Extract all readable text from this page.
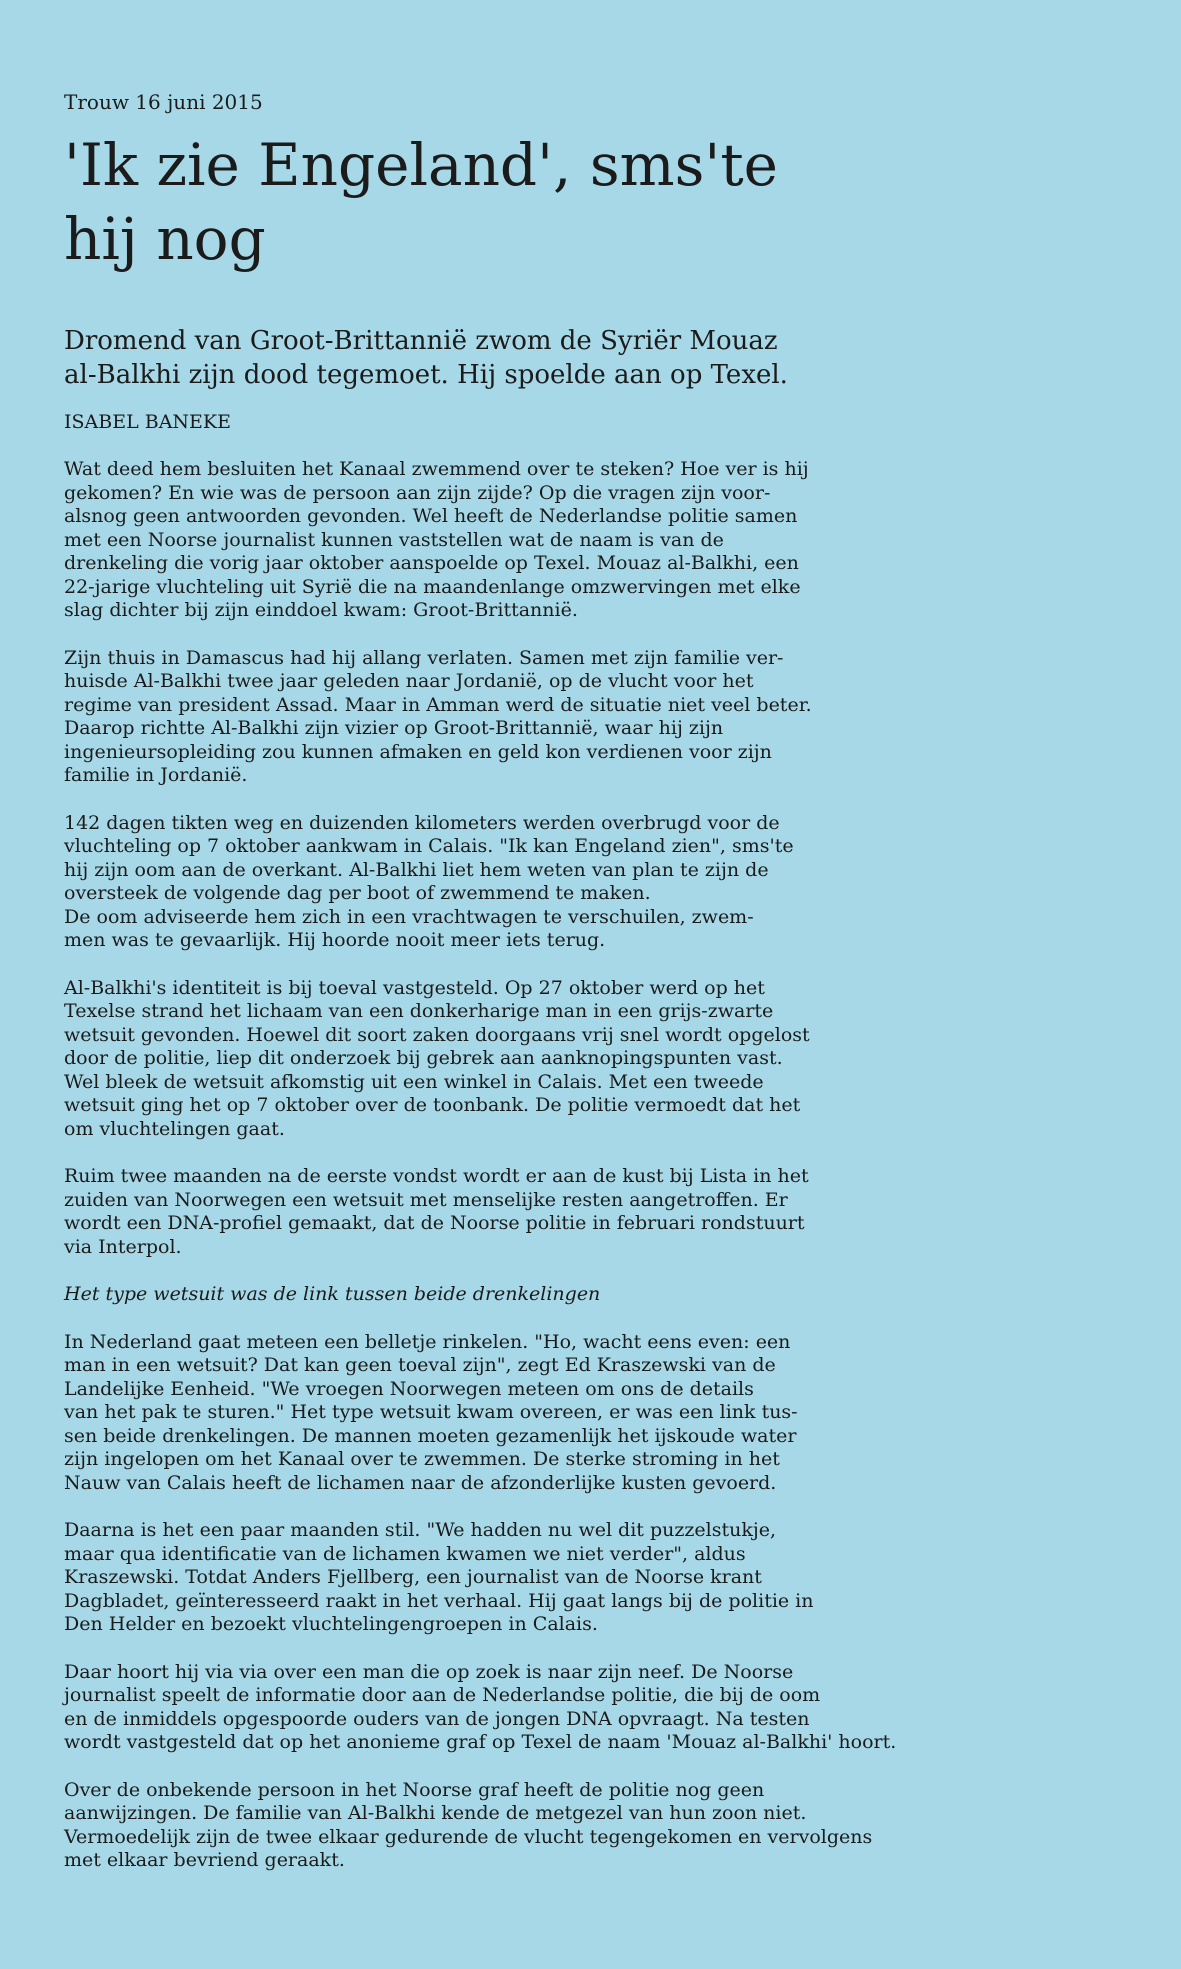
Trouw 16 juni 2015
'Ik zie Engeland', sms'te
hij nog
Dromend van Groot-Brittannië zwom de Syriër Mouaz
al-Balkhi zijn dood tegemoet. Hij spoelde aan op Texel.
ISABEL BANEKE
Wat deed hem besluiten het Kanaal zwemmend over te steken? Hoe ver is hij
gekomen? En wie was de persoon aan zijn zijde? Op die vragen zijn voor-
alsnog geen antwoorden gevonden. Wel heeft de Nederlandse politie samen
met een Noorse journalist kunnen vaststellen wat de naam is van de
drenkeling die vorig jaar oktober aanspoelde op Texel. Mouaz al-Balkhi, een
22-jarige vluchteling uit Syrië die na maandenlange omzwervingen met elke
slag dichter bij zijn einddoel kwam: Groot-Brittannië.
Zijn thuis in Damascus had hij allang verlaten. Samen met zijn familie ver-
huisde Al-Balkhi twee jaar geleden naar Jordanië, op de vlucht voor het
regime van president Assad. Maar in Amman werd de situatie niet veel beter.
Daarop richtte Al-Balkhi zijn vizier op Groot-Brittannië, waar hij zijn
ingenieursopleiding zou kunnen afmaken en geld kon verdienen voor zijn
familie in Jordanië.
142 dagen tikten weg en duizenden kilometers werden overbrugd voor de
vluchteling op 7 oktober aankwam in Calais. "Ik kan Engeland zien", sms'te
hij zijn oom aan de overkant. Al-Balkhi liet hem weten van plan te zijn de
oversteek de volgende dag per boot of zwemmend te maken.
De oom adviseerde hem zich in een vrachtwagen te verschuilen, zwem-
men was te gevaarlijk. Hij hoorde nooit meer iets terug.
Al-Balkhi's identiteit is bij toeval vastgesteld. Op 27 oktober werd op het
Texelse strand het lichaam van een donkerharige man in een grijs-zwarte
wetsuit gevonden. Hoewel dit soort zaken doorgaans vrij snel wordt opgelost
door de politie, liep dit onderzoek bij gebrek aan aanknopingspunten vast.
Wel bleek de wetsuit afkomstig uit een winkel in Calais. Met een tweede
wetsuit ging het op 7 oktober over de toonbank. De politie vermoedt dat het
om vluchtelingen gaat.
Ruim twee maanden na de eerste vondst wordt er aan de kust bij Lista in het
zuiden van Noorwegen een wetsuit met menselijke resten aangetroffen. Er
wordt een DNA-profiel gemaakt, dat de Noorse politie in februari rondstuurt
via Interpol.
Het type wetsuit was de link tussen beide drenkelingen
In Nederland gaat meteen een belletje rinkelen. "Ho, wacht eens even: een
man in een wetsuit? Dat kan geen toeval zijn", zegt Ed Kraszewski van de
Landelijke Eenheid. "We vroegen Noorwegen meteen om ons de details
van het pak te sturen." Het type wetsuit kwam overeen, er was een link tus-
sen beide drenkelingen. De mannen moeten gezamenlijk het ijskoude water
zijn ingelopen om het Kanaal over te zwemmen. De sterke stroming in het
Nauw van Calais heeft de lichamen naar de afzonderlijke kusten gevoerd.
Daarna is het een paar maanden stil. "We hadden nu wel dit puzzelstukje,
maar qua identificatie van de lichamen kwamen we niet verder", aldus
Kraszewski. Totdat Anders Fjellberg, een journalist van de Noorse krant
Dagbladet, geïnteresseerd raakt in het verhaal. Hij gaat langs bij de politie in
Den Helder en bezoekt vluchtelingengroepen in Calais.
Daar hoort hij via via over een man die op zoek is naar zijn neef. De Noorse
journalist speelt de informatie door aan de Nederlandse politie, die bij de oom
en de inmiddels opgespoorde ouders van de jongen DNA opvraagt. Na testen
wordt vastgesteld dat op het anonieme graf op Texel de naam 'Mouaz al-Balkhi' hoort.
Over de onbekende persoon in het Noorse graf heeft de politie nog geen
aanwijzingen. De familie van Al-Balkhi kende de metgezel van hun zoon niet.
Vermoedelijk zijn de twee elkaar gedurende de vlucht tegengekomen en vervolgens
met elkaar bevriend geraakt.
